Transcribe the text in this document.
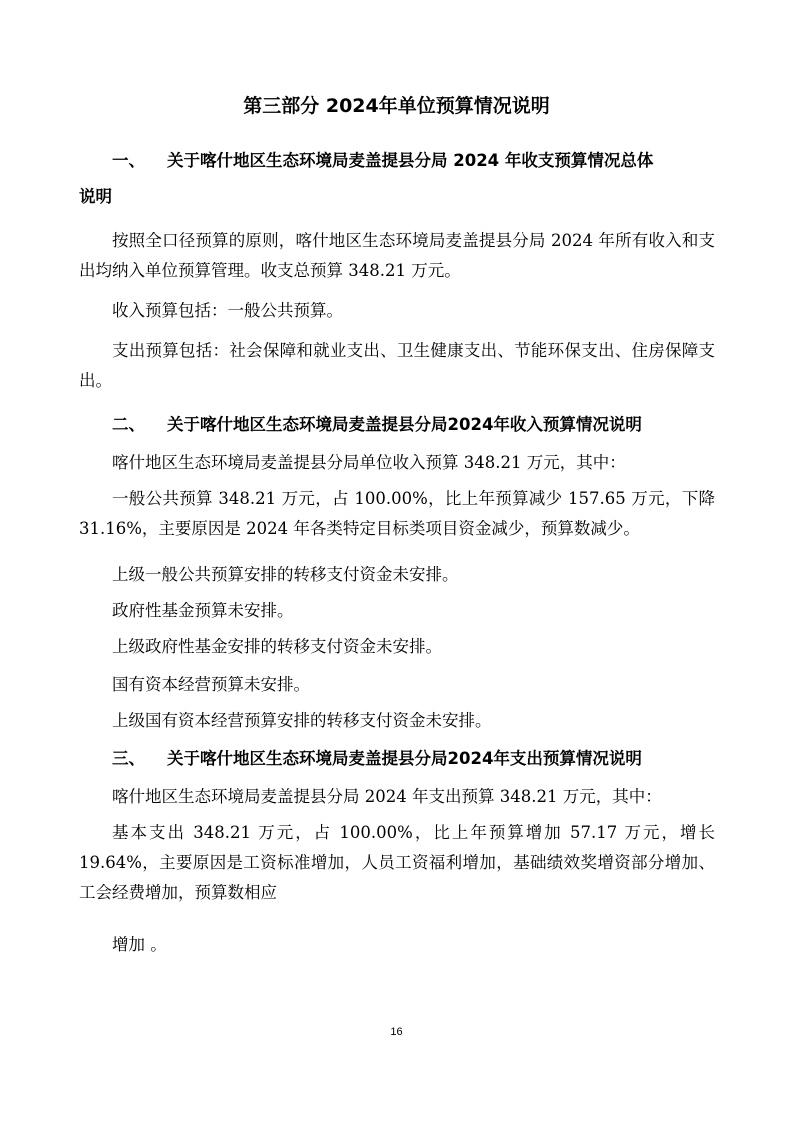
第三部分 2024年单位预算情况说明
一、 关于喀什地区生态环境局麦盖提县分局 2024 年收支预算情况总体
说明
按照全口径预算的原则，喀什地区生态环境局麦盖提县分局 2024 年所有收入和支出均纳入单位预算管理。收支总预算 348.21 万元。
收入预算包括：一般公共预算。
支出预算包括：社会保障和就业支出、卫生健康支出、节能环保支出、住房保障支出。
二、 关于喀什地区生态环境局麦盖提县分局2024年收入预算情况说明
喀什地区生态环境局麦盖提县分局单位收入预算 348.21 万元，其中：
一般公共预算 348.21 万元，占 100.00%，比上年预算减少 157.65 万元，下降 31.16%，主要原因是 2024 年各类特定目标类项目资金减少，预算数减少。
上级一般公共预算安排的转移支付资金未安排。
政府性基金预算未安排。
上级政府性基金安排的转移支付资金未安排。
国有资本经营预算未安排。
上级国有资本经营预算安排的转移支付资金未安排。
三、 关于喀什地区生态环境局麦盖提县分局2024年支出预算情况说明
喀什地区生态环境局麦盖提县分局 2024 年支出预算 348.21 万元，其中：
基本支出 348.21 万元，占 100.00%，比上年预算增加 57.17 万元，增长 19.64%，主要原因是工资标准增加，人员工资福利增加，基础绩效奖增资部分增加、工会经费增加，预算数相应
增加 。
16
